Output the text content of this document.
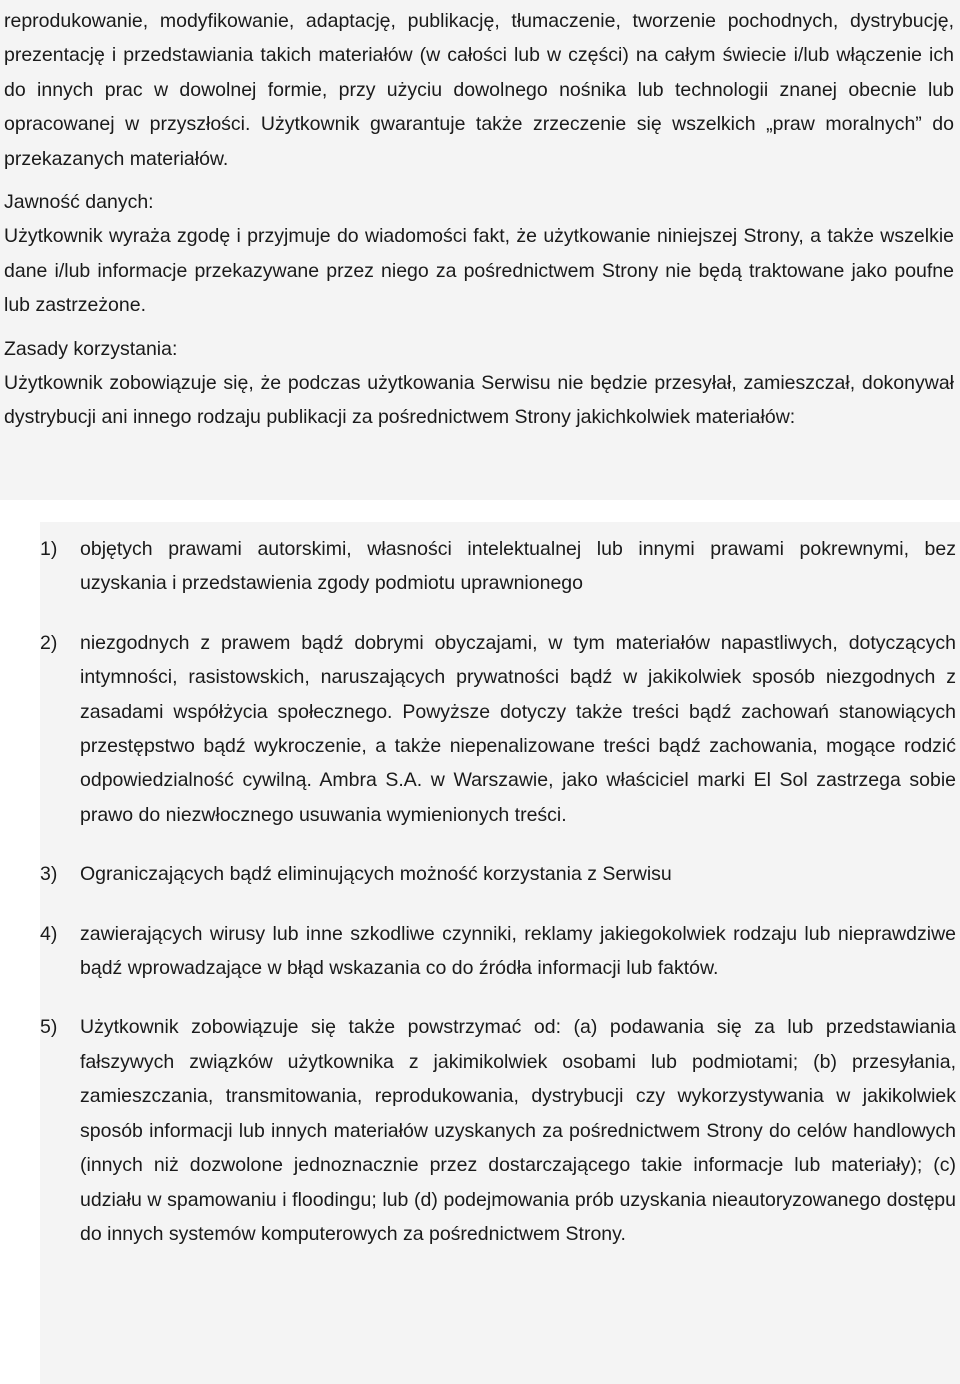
reprodukowanie, modyfikowanie, adaptację, publikację, tłumaczenie, tworzenie pochodnych, dystrybucję, prezentację i przedstawiania takich materiałów (w całości lub w części) na całym świecie i/lub włączenie ich do innych prac w dowolnej formie, przy użyciu dowolnego nośnika lub technologii znanej obecnie lub opracowanej w przyszłości. Użytkownik gwarantuje także zrzeczenie się wszelkich „praw moralnych” do przekazanych materiałów.

Jawność danych:

Użytkownik wyraża zgodę i przyjmuje do wiadomości fakt, że użytkowanie niniejszej Strony, a także wszelkie dane i/lub informacje przekazywane przez niego za pośrednictwem Strony nie będą traktowane jako poufne lub zastrzeżone.

Zasady korzystania:

Użytkownik zobowiązuje się, że podczas użytkowania Serwisu nie będzie przesyłał, zamieszczał, dokonywał dystrybucji ani innego rodzaju publikacji za pośrednictwem Strony jakichkolwiek materiałów:

1) objętych prawami autorskimi, własności intelektualnej lub innymi prawami pokrewnymi, bez uzyskania i przedstawienia zgody podmiotu uprawnionego
2) niezgodnych z prawem bądź dobrymi obyczajami, w tym materiałów napastliwych, dotyczących intymności, rasistowskich, naruszających prywatności bądź w jakikolwiek sposób niezgodnych z zasadami współżycia społecznego. Powyższe dotyczy także treści bądź zachowań stanowiących przestępstwo bądź wykroczenie, a także niepenalizowane treści bądź zachowania, mogące rodzić odpowiedzialność cywilną. Ambra S.A. w Warszawie, jako właściciel marki El Sol zastrzega sobie prawo do niezwłocznego usuwania wymienionych treści.
3) Ograniczających bądź eliminujących możność korzystania z Serwisu
4) zawierających wirusy lub inne szkodliwe czynniki, reklamy jakiegokolwiek rodzaju lub nieprawdziwe bądź wprowadzające w błąd wskazania co do źródła informacji lub faktów.
5) Użytkownik zobowiązuje się także powstrzymać od: (a) podawania się za lub przedstawiania fałszywych związków użytkownika z jakimikolwiek osobami lub podmiotami; (b) przesyłania, zamieszczania, transmitowania, reprodukowania, dystrybucji czy wykorzystywania w jakikolwiek sposób informacji lub innych materiałów uzyskanych za pośrednictwem Strony do celów handlowych (innych niż dozwolone jednoznacznie przez dostarczającego takie informacje lub materiały); (c) udziału w spamowaniu i floodingu; lub (d) podejmowania prób uzyskania nieautoryzowanego dostępu do innych systemów komputerowych za pośrednictwem Strony.
